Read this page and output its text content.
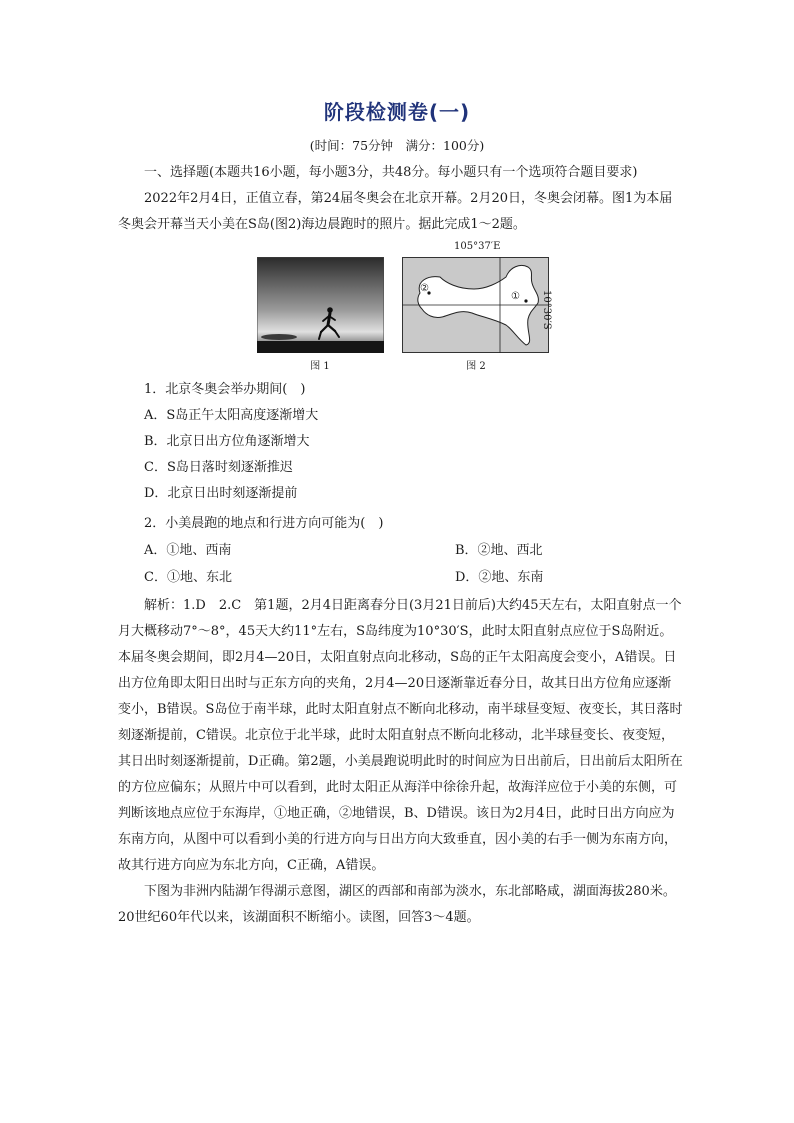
阶段检测卷(一)
(时间：75分钟　满分：100分)

一、选择题(本题共16小题，每小题3分，共48分。每小题只有一个选项符合题目要求)

2022年2月4日，正值立春，第24届冬奥会在北京开幕。2月20日，冬奥会闭幕。图1为本届冬奥会开幕当天小美在S岛(图2)海边晨跑时的照片。据此完成1～2题。

图 1
105°37′E
10°30′S
②
①
图 2
1．北京冬奥会举办期间(　)
A．S岛正午太阳高度逐渐增大
B．北京日出方位角逐渐增大
C．S岛日落时刻逐渐推迟
D．北京日出时刻逐渐提前
2．小美晨跑的地点和行进方向可能为(　)
A．①地、西南	B．②地、西北
C．①地、东北	D．②地、东南

解析：1.D　2.C　第1题，2月4日距离春分日(3月21日前后)大约45天左右，太阳直射点一个月大概移动7°～8°，45天大约11°左右，S岛纬度为10°30′S，此时太阳直射点应位于S岛附近。本届冬奥会期间，即2月4—20日，太阳直射点向北移动，S岛的正午太阳高度会变小，A错误。日出方位角即太阳日出时与正东方向的夹角，2月4—20日逐渐靠近春分日，故其日出方位角应逐渐变小，B错误。S岛位于南半球，此时太阳直射点不断向北移动，南半球昼变短、夜变长，其日落时刻逐渐提前，C错误。北京位于北半球，此时太阳直射点不断向北移动，北半球昼变长、夜变短，其日出时刻逐渐提前，D正确。第2题，小美晨跑说明此时的时间应为日出前后，日出前后太阳所在的方位应偏东；从照片中可以看到，此时太阳正从海洋中徐徐升起，故海洋应位于小美的东侧，可判断该地点应位于东海岸，①地正确，②地错误，B、D错误。该日为2月4日，此时日出方向应为东南方向，从图中可以看到小美的行进方向与日出方向大致垂直，因小美的右手一侧为东南方向，故其行进方向应为东北方向，C正确，A错误。

下图为非洲内陆湖乍得湖示意图，湖区的西部和南部为淡水，东北部略咸，湖面海拔280米。20世纪60年代以来，该湖面积不断缩小。读图，回答3～4题。
